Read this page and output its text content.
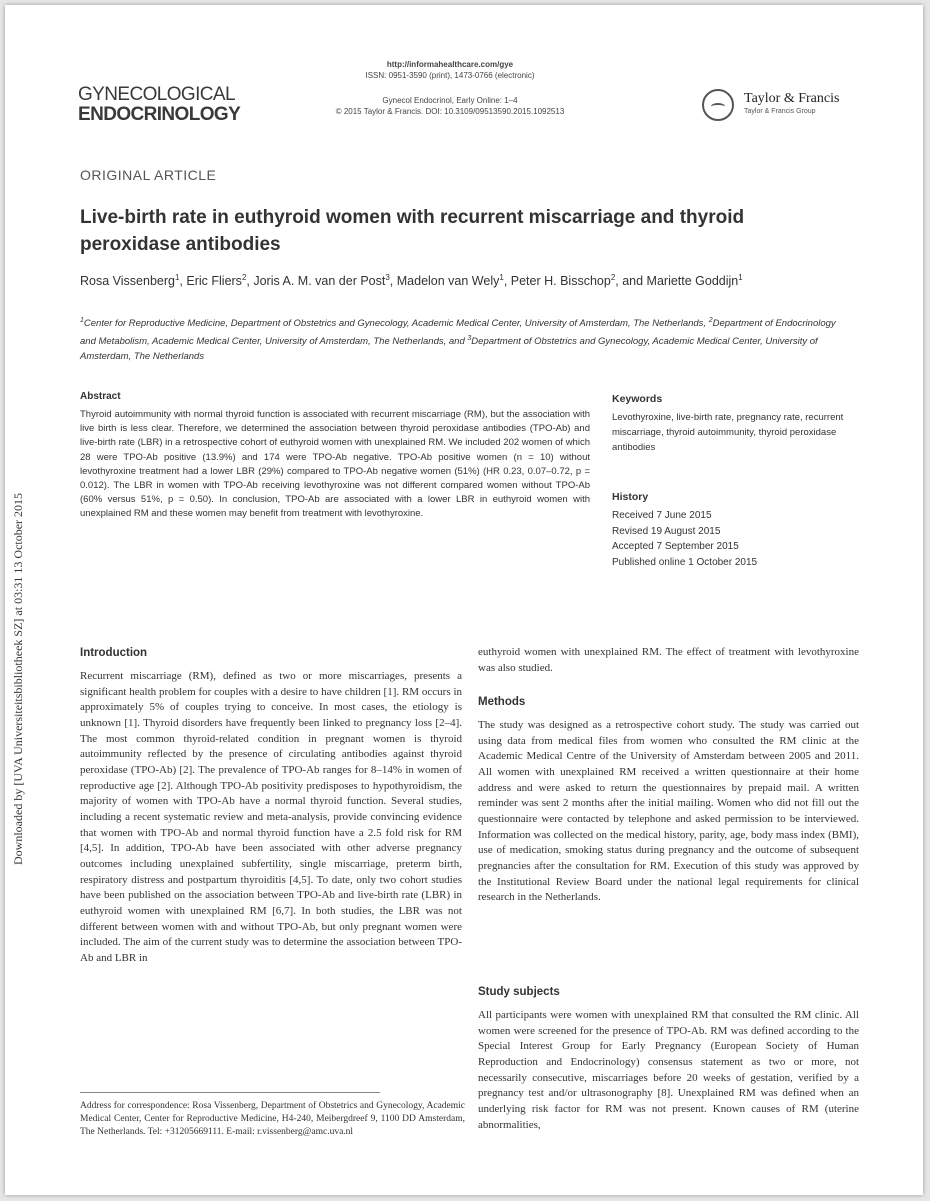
Downloaded by [UVA Universiteitsbibliotheek SZ] at 03:31 13 October 2015
GYNECOLOGICAL
ENDOCRINOLOGY
http://informahealthcare.com/gye
ISSN: 0951-3590 (print), 1473-0766 (electronic)
Gynecol Endocrinol, Early Online: 1–4
© 2015 Taylor & Francis. DOI: 10.3109/09513590.2015.1092513
Taylor & Francis
Taylor & Francis Group
ORIGINAL ARTICLE
Live-birth rate in euthyroid women with recurrent miscarriage and thyroid peroxidase antibodies
Rosa Vissenberg$^1$, Eric Fliers$^2$, Joris A. M. van der Post$^3$, Madelon van Wely$^1$, Peter H. Bisschop$^2$, and Mariette Goddijn$^1$
$^1$Center for Reproductive Medicine, Department of Obstetrics and Gynecology, Academic Medical Center, University of Amsterdam, The Netherlands, $^2$Department of Endocrinology and Metabolism, Academic Medical Center, University of Amsterdam, The Netherlands, and $^3$Department of Obstetrics and Gynecology, Academic Medical Center, University of Amsterdam, The Netherlands
Abstract
Thyroid autoimmunity with normal thyroid function is associated with recurrent miscarriage (RM), but the association with live birth is less clear. Therefore, we determined the association between thyroid peroxidase antibodies (TPO-Ab) and live-birth rate (LBR) in a retrospective cohort of euthyroid women with unexplained RM. We included 202 women of which 28 were TPO-Ab positive (13.9%) and 174 were TPO-Ab negative. TPO-Ab positive women (n = 10) without levothyroxine treatment had a lower LBR (29%) compared to TPO-Ab negative women (51%) (HR 0.23, 0.07–0.72, p = 0.012). The LBR in women with TPO-Ab receiving levothyroxine was not different compared women without TPO-Ab (60% versus 51%, p = 0.50). In conclusion, TPO-Ab are associated with a lower LBR in euthyroid women with unexplained RM and these women may benefit from treatment with levothyroxine.
Keywords
Levothyroxine, live-birth rate, pregnancy rate, recurrent miscarriage, thyroid autoimmunity, thyroid peroxidase antibodies
History
Received 7 June 2015
Revised 19 August 2015
Accepted 7 September 2015
Published online 1 October 2015
Introduction
Recurrent miscarriage (RM), defined as two or more miscarriages, presents a significant health problem for couples with a desire to have children [1]. RM occurs in approximately 5% of couples trying to conceive. In most cases, the etiology is unknown [1]. Thyroid disorders have frequently been linked to pregnancy loss [2–4]. The most common thyroid-related condition in pregnant women is thyroid autoimmunity reflected by the presence of circulating antibodies against thyroid peroxidase (TPO-Ab) [2]. The prevalence of TPO-Ab ranges for 8–14% in women of reproductive age [2]. Although TPO-Ab positivity predisposes to hypothyroidism, the majority of women with TPO-Ab have a normal thyroid function. Several studies, including a recent systematic review and meta-analysis, provide convincing evidence that women with TPO-Ab and normal thyroid function have a 2.5 fold risk for RM [4,5]. In addition, TPO-Ab have been associated with other adverse pregnancy outcomes including unexplained subfertility, single miscarriage, preterm birth, respiratory distress and postpartum thyroiditis [4,5]. To date, only two cohort studies have been published on the association between TPO-Ab and live-birth rate (LBR) in euthyroid women with unexplained RM [6,7]. In both studies, the LBR was not different between women with and without TPO-Ab, but only pregnant women were included. The aim of the current study was to determine the association between TPO-Ab and LBR in
euthyroid women with unexplained RM. The effect of treatment with levothyroxine was also studied.
Methods
The study was designed as a retrospective cohort study. The study was carried out using data from medical files from women who consulted the RM clinic at the Academic Medical Centre of the University of Amsterdam between 2005 and 2011. All women with unexplained RM received a written questionnaire at their home address and were asked to return the questionnaires by prepaid mail. A written reminder was sent 2 months after the initial mailing. Women who did not fill out the questionnaire were contacted by telephone and asked permission to be interviewed. Information was collected on the medical history, parity, age, body mass index (BMI), use of medication, smoking status during pregnancy and the outcome of subsequent pregnancies after the consultation for RM. Execution of this study was approved by the Institutional Review Board under the national legal requirements for clinical research in the Netherlands.
Study subjects
All participants were women with unexplained RM that consulted the RM clinic. All women were screened for the presence of TPO-Ab. RM was defined according to the Special Interest Group for Early Pregnancy (European Society of Human Reproduction and Endocrinology) consensus statement as two or more, not necessarily consecutive, miscarriages before 20 weeks of gestation, verified by a pregnancy test and/or ultrasonography [8]. Unexplained RM was defined when an underlying risk factor for RM was not present. Known causes of RM (uterine abnormalities,
Address for correspondence: Rosa Vissenberg, Department of Obstetrics and Gynecology, Academic Medical Center, Center for Reproductive Medicine, H4-240, Meibergdreef 9, 1100 DD Amsterdam, The Netherlands. Tel: +31205669111. E-mail: r.vissenberg@amc.uva.nl
